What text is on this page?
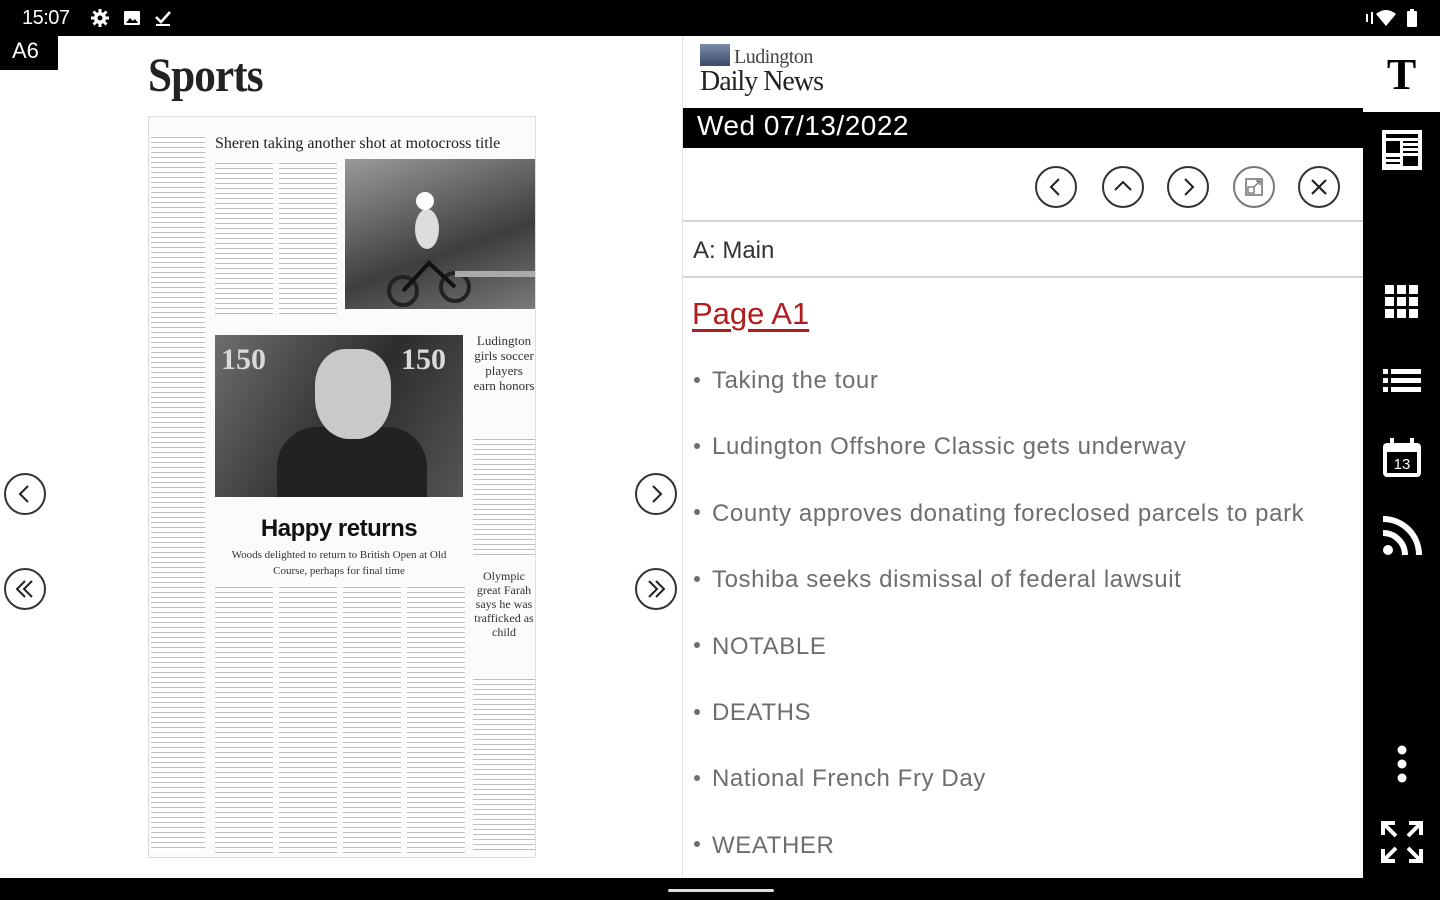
15:07
A6	Sports
Sheren taking another shot at motocross title
150	150
Happy returns
Woods delighted to return to British Open at Old Course, perhaps for final time
Ludington girls soccer players earn honors
Olympic great Farah says he was trafficked as child
Ludington
Daily News
Wed 07/13/2022
A: Main
Page A1
Taking the tour
Ludington Offshore Classic gets underway
County approves donating foreclosed parcels to park
Toshiba seeks dismissal of federal lawsuit
NOTABLE
DEATHS
National French Fry Day
WEATHER
T
13
